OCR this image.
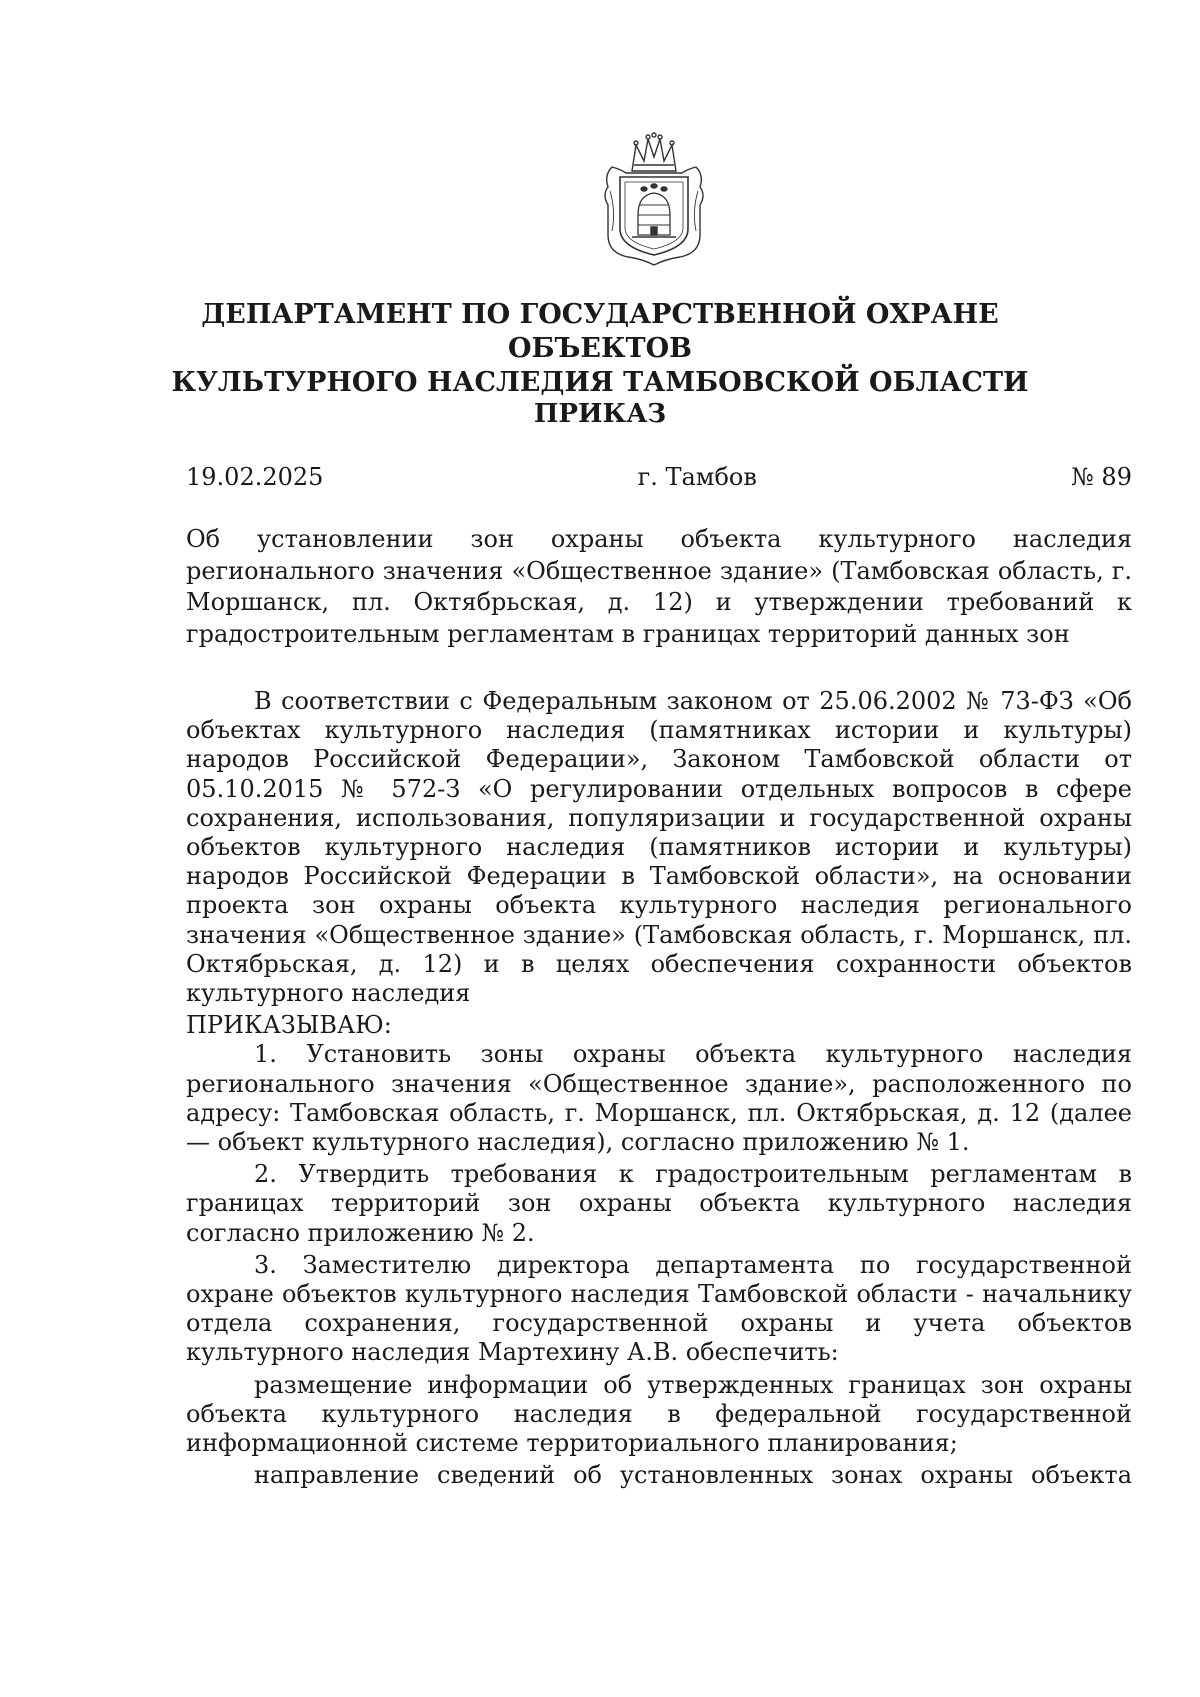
ДЕПАРТАМЕНТ ПО ГОСУДАРСТВЕННОЙ ОХРАНЕ ОБЪЕКТОВ
КУЛЬТУРНОГО НАСЛЕДИЯ ТАМБОВСКОЙ ОБЛАСТИ
ПРИКАЗ
19.02.2025	г. Тамбов	№ 89
Об установлении зон охраны объекта культурного наследия регионального значения «Общественное здание» (Тамбовская область, г. Моршанск, пл. Октябрьская, д. 12) и утверждении требований к градостроительным регламентам в границах территорий данных зон

В соответствии с Федеральным законом от 25.06.2002 № 73-ФЗ «Об объектах культурного наследия (памятниках истории и культуры) народов Российской Федерации», Законом Тамбовской области от 05.10.2015 № 572-З «О регулировании отдельных вопросов в сфере сохранения, использования, популяризации и государственной охраны объектов культурного наследия (памятников истории и культуры) народов Российской Федерации в Тамбовской области», на основании проекта зон охраны объекта культурного наследия регионального значения «Общественное здание» (Тамбовская область, г. Моршанск, пл. Октябрьская, д. 12) и в целях обеспечения сохранности объектов культурного наследия

ПРИКАЗЫВАЮ:

1. Установить зоны охраны объекта культурного наследия регионального значения «Общественное здание», расположенного по адресу: Тамбовская область, г. Моршанск, пл. Октябрьская, д. 12 (далее — объект культурного наследия), согласно приложению № 1.

2. Утвердить требования к градостроительным регламентам в границах территорий зон охраны объекта культурного наследия согласно приложению № 2.

3. Заместителю директора департамента по государственной охране объектов культурного наследия Тамбовской области - начальнику отдела сохранения, государственной охраны и учета объектов культурного наследия Мартехину А.В. обеспечить:

размещение информации об утвержденных границах зон охраны объекта культурного наследия в федеральной государственной информационной системе территориального планирования;

направление сведений об установленных зонах охраны объекта
